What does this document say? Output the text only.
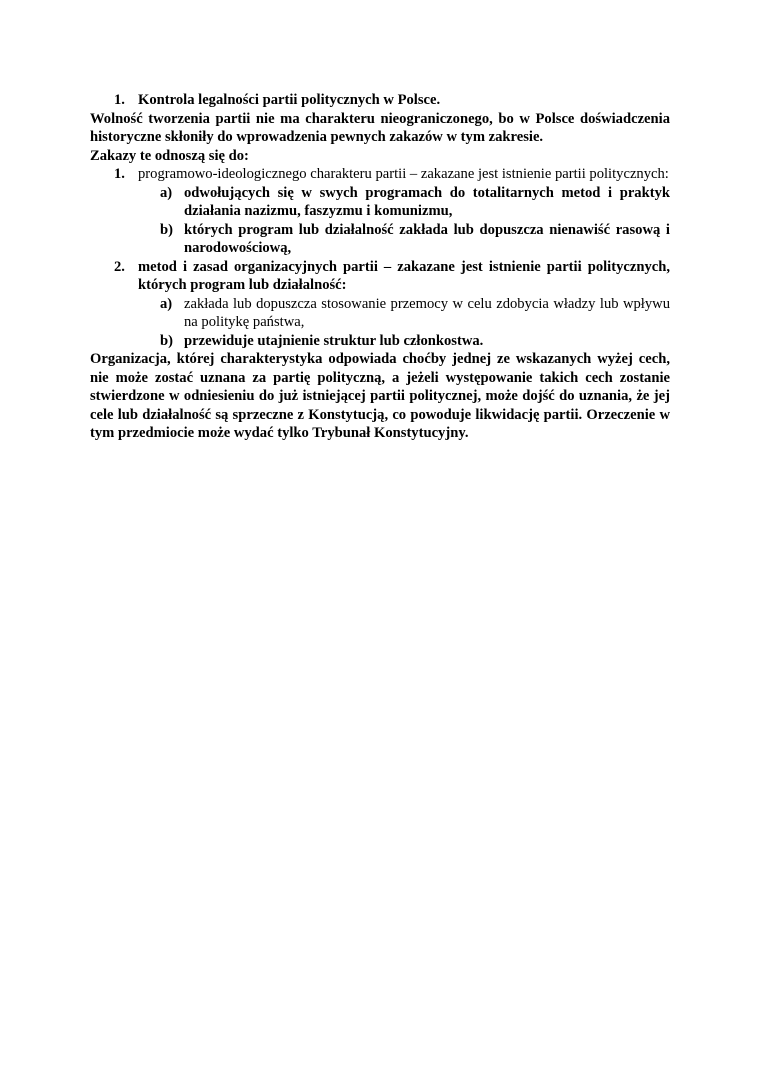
1. Kontrola legalności partii politycznych w Polsce.
Wolność tworzenia partii nie ma charakteru nieograniczonego, bo w Polsce doświadczenia historyczne skłoniły do wprowadzenia pewnych zakazów w tym zakresie.
Zakazy te odnoszą się do:
1. programowo-ideologicznego charakteru partii – zakazane jest istnienie partii politycznych:
a) odwołujących się w swych programach do totalitarnych metod i praktyk działania nazizmu, faszyzmu i komunizmu,
b) których program lub działalność zakłada lub dopuszcza nienawiść rasową i narodowościową,
2. metod i zasad organizacyjnych partii – zakazane jest istnienie partii politycznych, których program lub działalność:
a) zakłada lub dopuszcza stosowanie przemocy w celu zdobycia władzy lub wpływu na politykę państwa,
b) przewiduje utajnienie struktur lub członkostwa.
Organizacja, której charakterystyka odpowiada choćby jednej ze wskazanych wyżej cech, nie może zostać uznana za partię polityczną, a jeżeli występowanie takich cech zostanie stwierdzone w odniesieniu do już istniejącej partii politycznej, może dojść do uznania, że jej cele lub działalność są sprzeczne z Konstytucją, co powoduje likwidację partii. Orzeczenie w tym przedmiocie może wydać tylko Trybunał Konstytucyjny.
